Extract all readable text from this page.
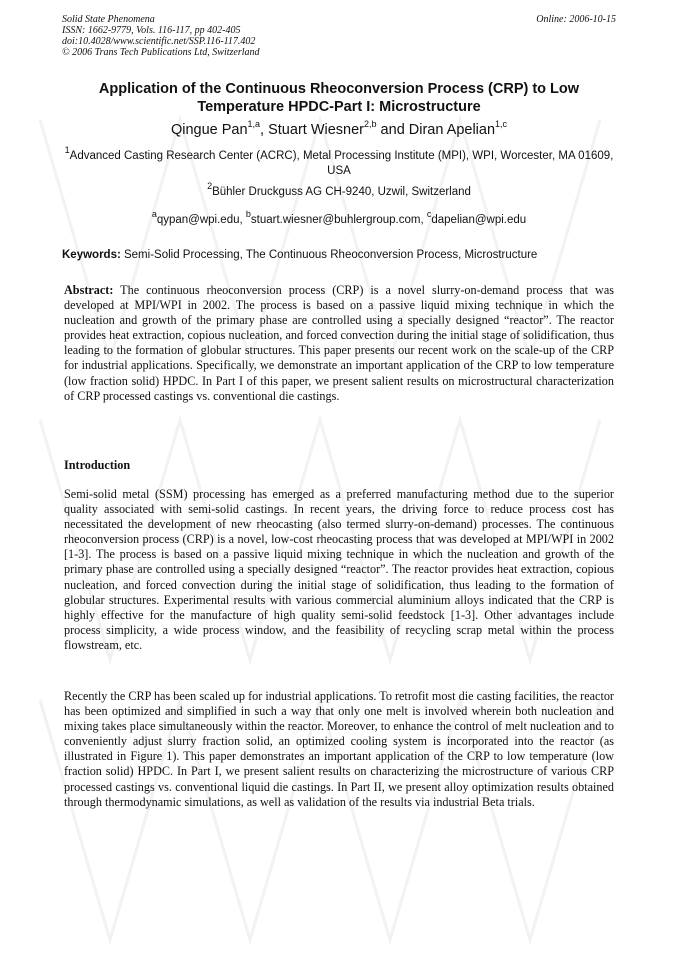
Solid State Phenomena
ISSN: 1662-9779, Vols. 116-117, pp 402-405
doi:10.4028/www.scientific.net/SSP.116-117.402
© 2006 Trans Tech Publications Ltd, Switzerland
Online: 2006-10-15
Application of the Continuous Rheoconversion Process (CRP) to Low Temperature HPDC-Part I: Microstructure
Qingue Pan$^{1,a}$, Stuart Wiesner$^{2,b}$ and Diran Apelian$^{1,c}$
$^1$Advanced Casting Research Center (ACRC), Metal Processing Institute (MPI), WPI, Worcester, MA 01609, USA
$^2$Bühler Druckguss AG CH-9240, Uzwil, Switzerland
$^a$qypan@wpi.edu, $^b$stuart.wiesner@buhlergroup.com, $^c$dapelian@wpi.edu
Keywords: Semi-Solid Processing, The Continuous Rheoconversion Process, Microstructure
Abstract: The continuous rheoconversion process (CRP) is a novel slurry-on-demand process that was developed at MPI/WPI in 2002. The process is based on a passive liquid mixing technique in which the nucleation and growth of the primary phase are controlled using a specially designed “reactor”. The reactor provides heat extraction, copious nucleation, and forced convection during the initial stage of solidification, thus leading to the formation of globular structures. This paper presents our recent work on the scale-up of the CRP for industrial applications. Specifically, we demonstrate an important application of the CRP to low temperature (low fraction solid) HPDC. In Part I of this paper, we present salient results on microstructural characterization of CRP processed castings vs. conventional die castings.
Introduction
Semi-solid metal (SSM) processing has emerged as a preferred manufacturing method due to the superior quality associated with semi-solid castings. In recent years, the driving force to reduce process cost has necessitated the development of new rheocasting (also termed slurry-on-demand) processes. The continuous rheoconversion process (CRP) is a novel, low-cost rheocasting process that was developed at MPI/WPI in 2002 [1-3]. The process is based on a passive liquid mixing technique in which the nucleation and growth of the primary phase are controlled using a specially designed “reactor”. The reactor provides heat extraction, copious nucleation, and forced convection during the initial stage of solidification, thus leading to the formation of globular structures. Experimental results with various commercial aluminium alloys indicated that the CRP is highly effective for the manufacture of high quality semi-solid feedstock [1-3]. Other advantages include process simplicity, a wide process window, and the feasibility of recycling scrap metal within the process flowstream, etc.
Recently the CRP has been scaled up for industrial applications. To retrofit most die casting facilities, the reactor has been optimized and simplified in such a way that only one melt is involved wherein both nucleation and mixing takes place simultaneously within the reactor. Moreover, to enhance the control of melt nucleation and to conveniently adjust slurry fraction solid, an optimized cooling system is incorporated into the reactor (as illustrated in Figure 1). This paper demonstrates an important application of the CRP to low temperature (low fraction solid) HPDC. In Part I, we present salient results on characterizing the microstructure of various CRP processed castings vs. conventional liquid die castings. In Part II, we present alloy optimization results obtained through thermodynamic simulations, as well as validation of the results via industrial Beta trials.
